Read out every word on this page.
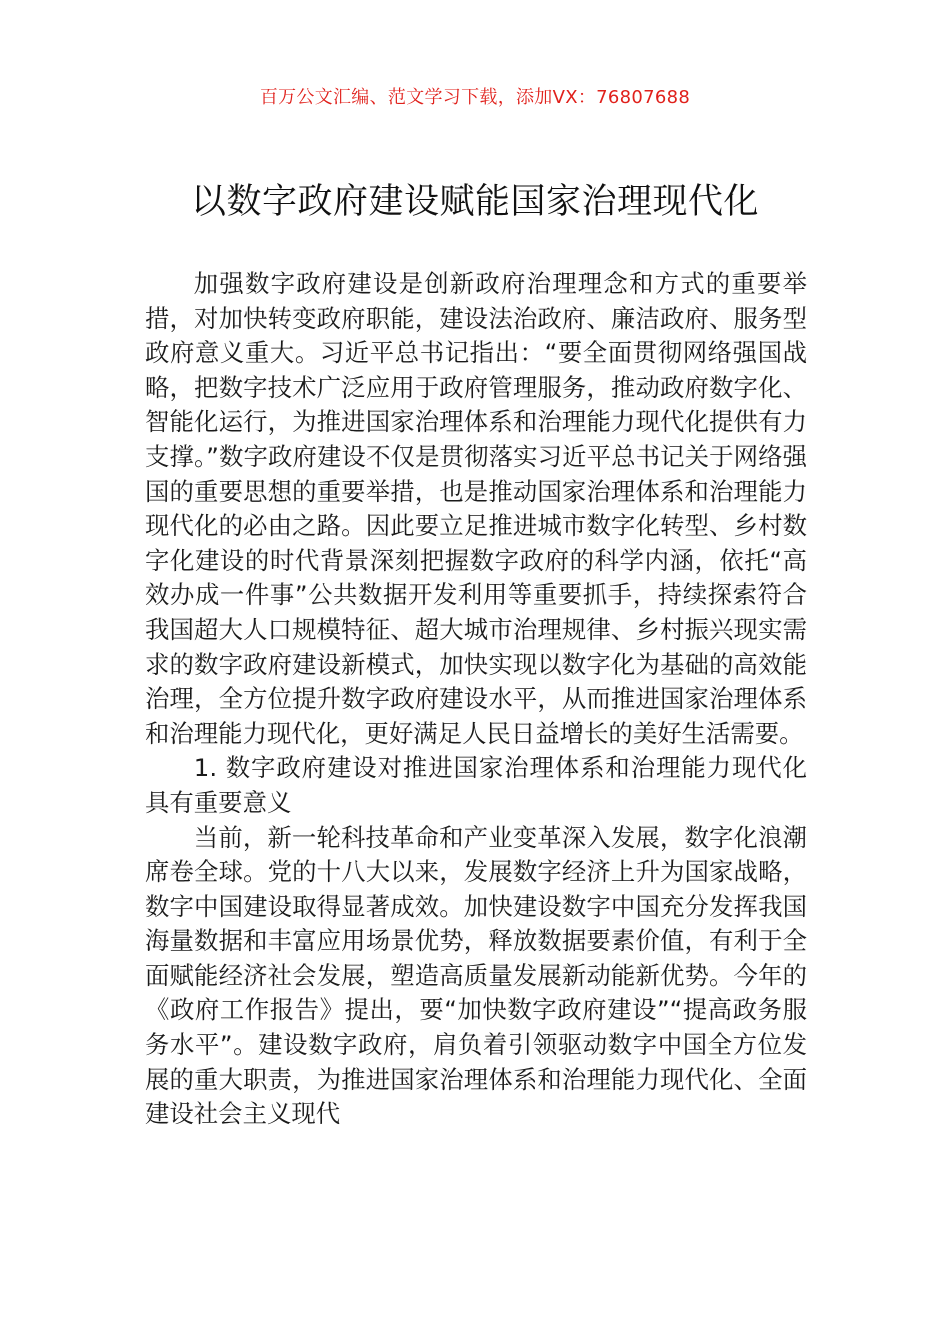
百万公文汇编、范文学习下载，添加VX：76807688
以数字政府建设赋能国家治理现代化

加强数字政府建设是创新政府治理理念和方式的重要举措，对加快转变政府职能，建设法治政府、廉洁政府、服务型政府意义重大。习近平总书记指出：“要全面贯彻网络强国战略，把数字技术广泛应用于政府管理服务，推动政府数字化、智能化运行，为推进国家治理体系和治理能力现代化提供有力支撑。”数字政府建设不仅是贯彻落实习近平总书记关于网络强国的重要思想的重要举措，也是推动国家治理体系和治理能力现代化的必由之路。因此要立足推进城市数字化转型、乡村数字化建设的时代背景深刻把握数字政府的科学内涵，依托“高效办成一件事”公共数据开发利用等重要抓手，持续探索符合我国超大人口规模特征、超大城市治理规律、乡村振兴现实需求的数字政府建设新模式，加快实现以数字化为基础的高效能治理，全方位提升数字政府建设水平，从而推进国家治理体系和治理能力现代化，更好满足人民日益增长的美好生活需要。

1. 数字政府建设对推进国家治理体系和治理能力现代化具有重要意义

当前，新一轮科技革命和产业变革深入发展，数字化浪潮席卷全球。党的十八大以来，发展数字经济上升为国家战略，数字中国建设取得显著成效。加快建设数字中国充分发挥我国海量数据和丰富应用场景优势，释放数据要素价值，有利于全面赋能经济社会发展，塑造高质量发展新动能新优势。今年的《政府工作报告》提出，要“加快数字政府建设”“提高政务服务水平”。建设数字政府，肩负着引领驱动数字中国全方位发展的重大职责，为推进国家治理体系和治理能力现代化、全面建设社会主义现代
